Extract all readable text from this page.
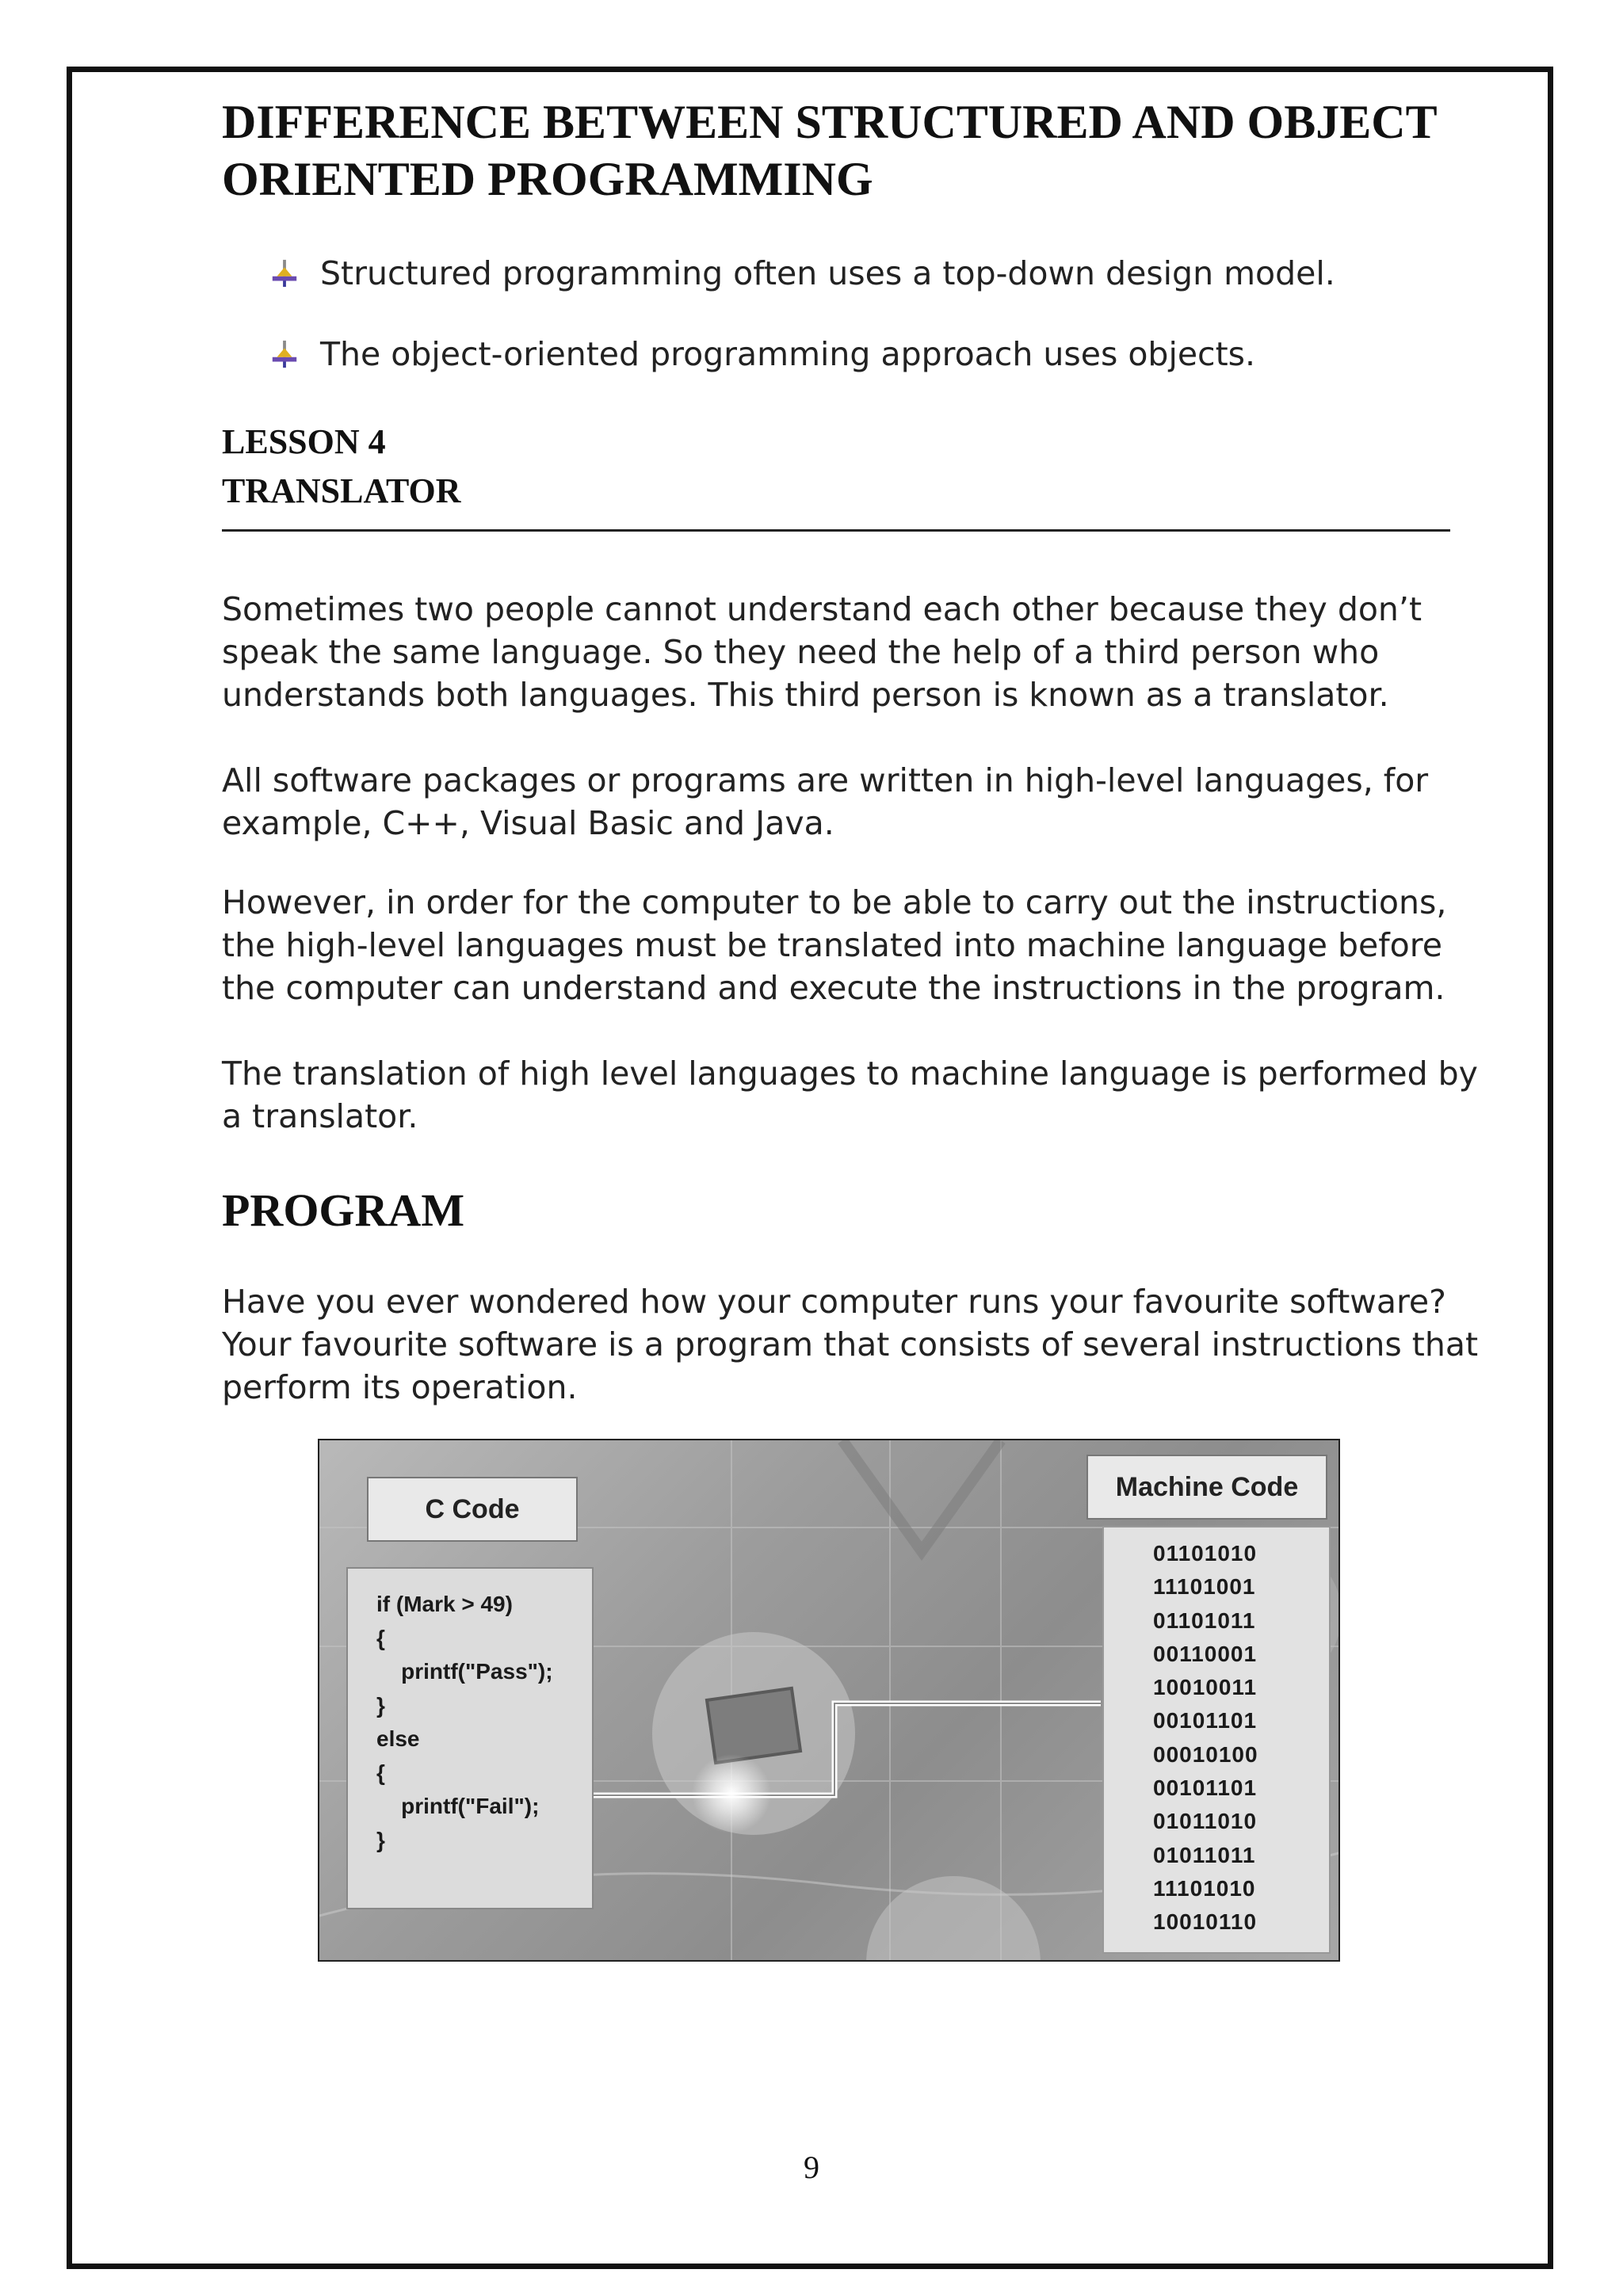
DIFFERENCE BETWEEN STRUCTURED AND OBJECT ORIENTED PROGRAMMING
Structured programming often uses a top-down design model.
The object-oriented programming approach uses objects.
LESSON 4
TRANSLATOR

Sometimes two people cannot understand each other because they don’t speak the same language. So they need the help of a third person who understands both languages. This third person is known as a translator.

All software packages or programs are written in high-level languages, for example, C++, Visual Basic and Java.

However, in order for the computer to be able to carry out the instructions, the high-level languages must be translated into machine language before the computer can understand and execute the instructions in the program.

The translation of high level languages to machine language is performed by a translator.

PROGRAM

Have you ever wondered how your computer runs your favourite software? Your favourite software is a program that consists of several instructions that perform its operation.

C Code
if (Mark > 49)
{
printf("Pass");
}
else
{
printf("Fail");
}
Machine Code
01101010
11101001
01101011
00110001
10010011
00101101
00010100
00101101
01011010
01011011
11101010
10010110
9
